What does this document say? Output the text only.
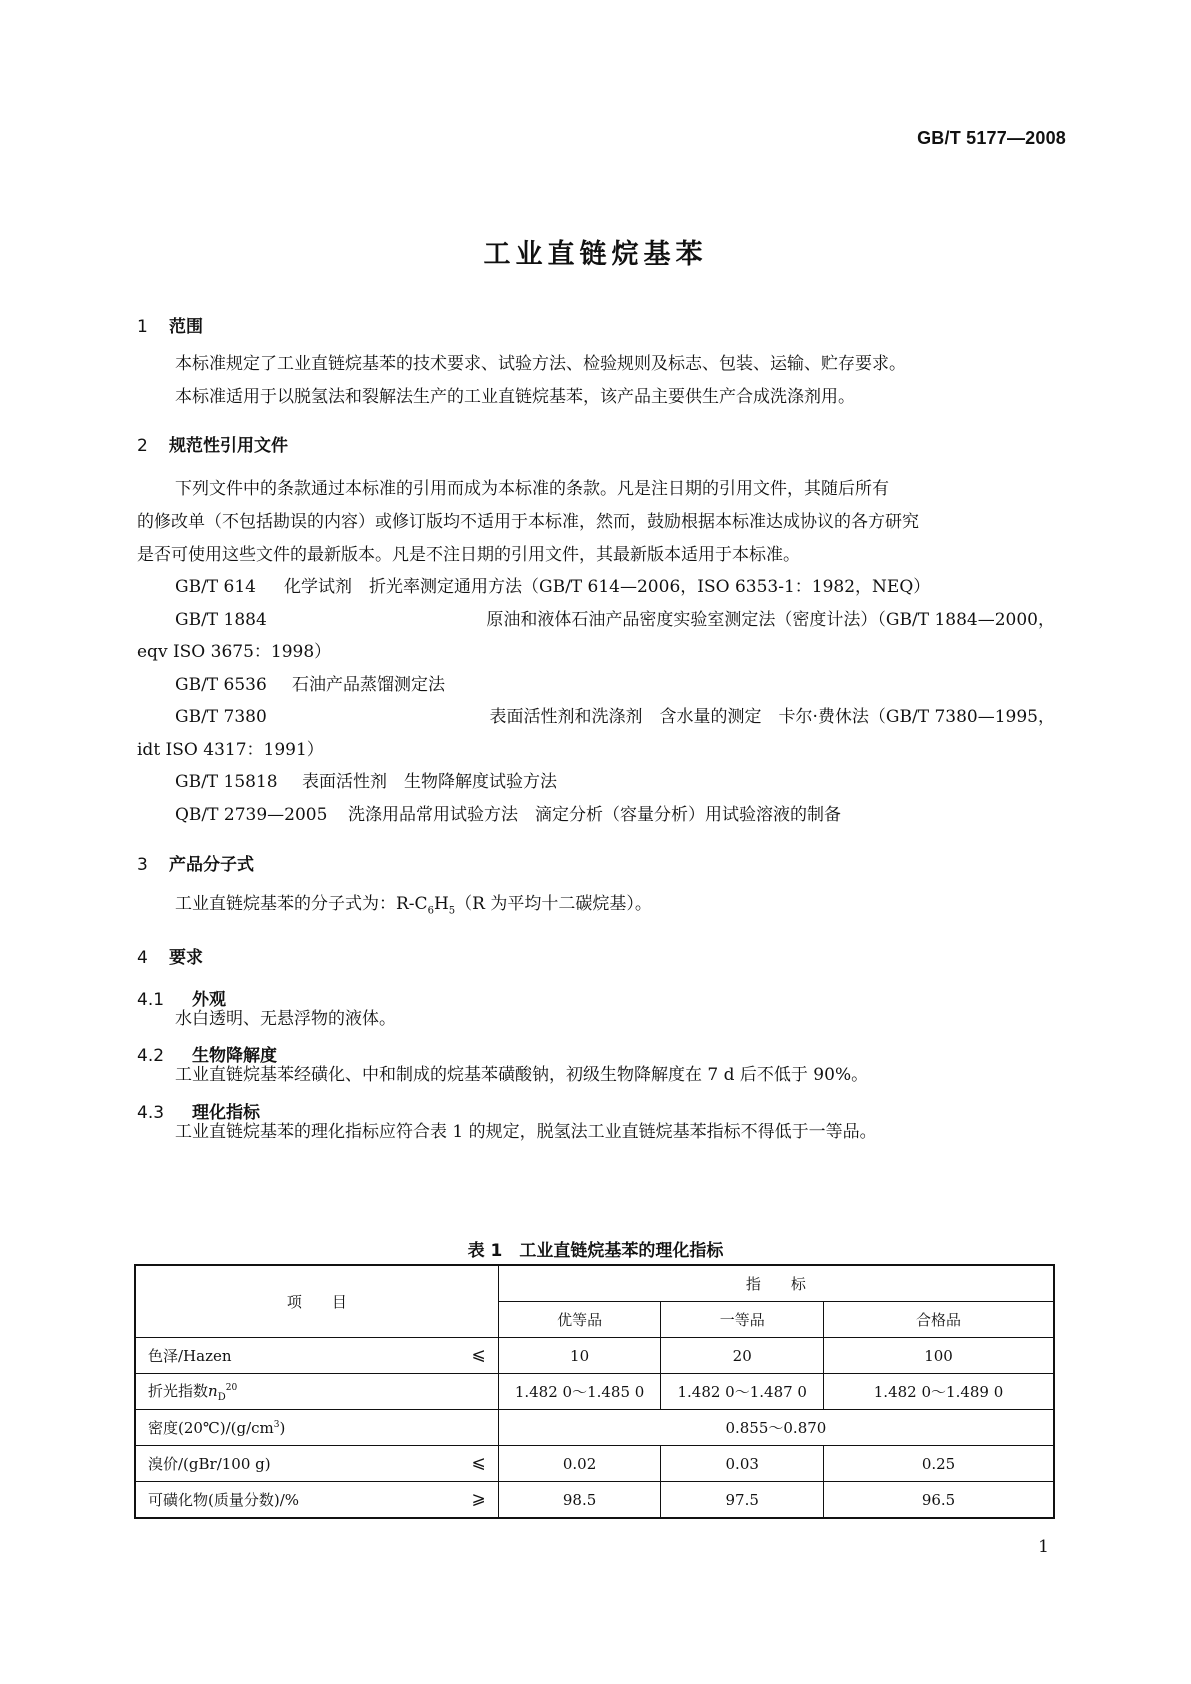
GB/T 5177—2008
工业直链烷基苯
1 范围
本标准规定了工业直链烷基苯的技术要求、试验方法、检验规则及标志、包装、运输、贮存要求。
本标准适用于以脱氢法和裂解法生产的工业直链烷基苯，该产品主要供生产合成洗涤剂用。
2 规范性引用文件
下列文件中的条款通过本标准的引用而成为本标准的条款。凡是注日期的引用文件，其随后所有
的修改单（不包括勘误的内容）或修订版均不适用于本标准，然而，鼓励根据本标准达成协议的各方研究
是否可使用这些文件的最新版本。凡是不注日期的引用文件，其最新版本适用于本标准。
GB/T 614 化学试剂　折光率测定通用方法（GB/T 614—2006，ISO 6353-1：1982，NEQ）
GB/T 1884	原油和液体石油产品密度实验室测定法（密度计法）（GB/T 1884—2000，
eqv ISO 3675：1998）
GB/T 6536 石油产品蒸馏测定法
GB/T 7380	表面活性剂和洗涤剂　含水量的测定　卡尔·费休法（GB/T 7380—1995，
idt ISO 4317：1991）
GB/T 15818 表面活性剂　生物降解度试验方法
QB/T 2739—2005 洗涤用品常用试验方法　滴定分析（容量分析）用试验溶液的制备
3 产品分子式
工业直链烷基苯的分子式为：$R-C_6H_5(R$ 为平均十二碳烷基）。
4 要求
4.1 外观
水白透明、无悬浮物的液体。
4.2 生物降解度
工业直链烷基苯经磺化、中和制成的烷基苯磺酸钠，初级生物降解度在 7 d 后不低于 90%。
4.3 理化指标
工业直链烷基苯的理化指标应符合表 1 的规定，脱氢法工业直链烷基苯指标不得低于一等品。
表 1　工业直链烷基苯的理化指标
项　　目	指　　标		
	优等品	一等品	合格品
色泽/Hazen ⩽	10	20	100
折光指数$n_D^{20}$	1.482 0～1.485 0	1.482 0～1.487 0	1.482 0～1.489 0
密度$(20℃)/(g/cm^3)$	0.855～0.870		
溴价/(gBr/100 g) ⩽	0.02	0.03	0.25
可磺化物(质量分数)/% ⩾	98.5	97.5	96.5
1
